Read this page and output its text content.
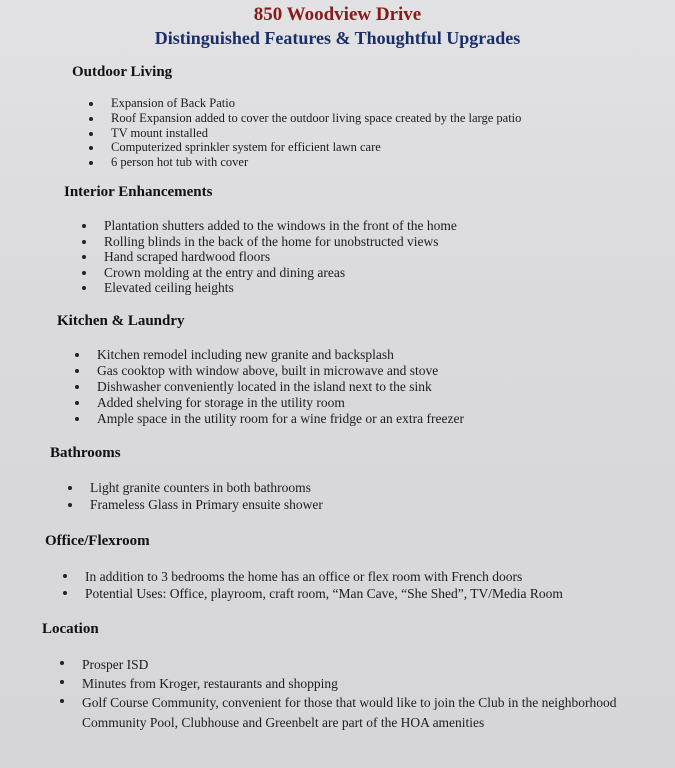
850 Woodview Drive
Distinguished Features & Thoughtful Upgrades
Outdoor Living
Expansion of Back Patio
Roof Expansion added to cover the outdoor living space created by the large patio
TV mount installed
Computerized sprinkler system for efficient lawn care
6 person hot tub with cover
Interior Enhancements
Plantation shutters added to the windows in the front of the home
Rolling blinds in the back of the home for unobstructed views
Hand scraped hardwood floors
Crown molding at the entry and dining areas
Elevated ceiling heights
Kitchen & Laundry
Kitchen remodel including new granite and backsplash
Gas cooktop with window above, built in microwave and stove
Dishwasher conveniently located in the island next to the sink
Added shelving for storage in the utility room
Ample space in the utility room for a wine fridge or an extra freezer
Bathrooms
Light granite counters in both bathrooms
Frameless Glass in Primary ensuite shower
Office/Flexroom
In addition to 3 bedrooms the home has an office or flex room with French doors
Potential Uses: Office, playroom, craft room, “Man Cave, “She Shed”, TV/Media Room
Location
Prosper ISD
Minutes from Kroger, restaurants and shopping
Golf Course Community, convenient for those that would like to join the Club in the neighborhood Community Pool, Clubhouse and Greenbelt are part of the HOA amenities
